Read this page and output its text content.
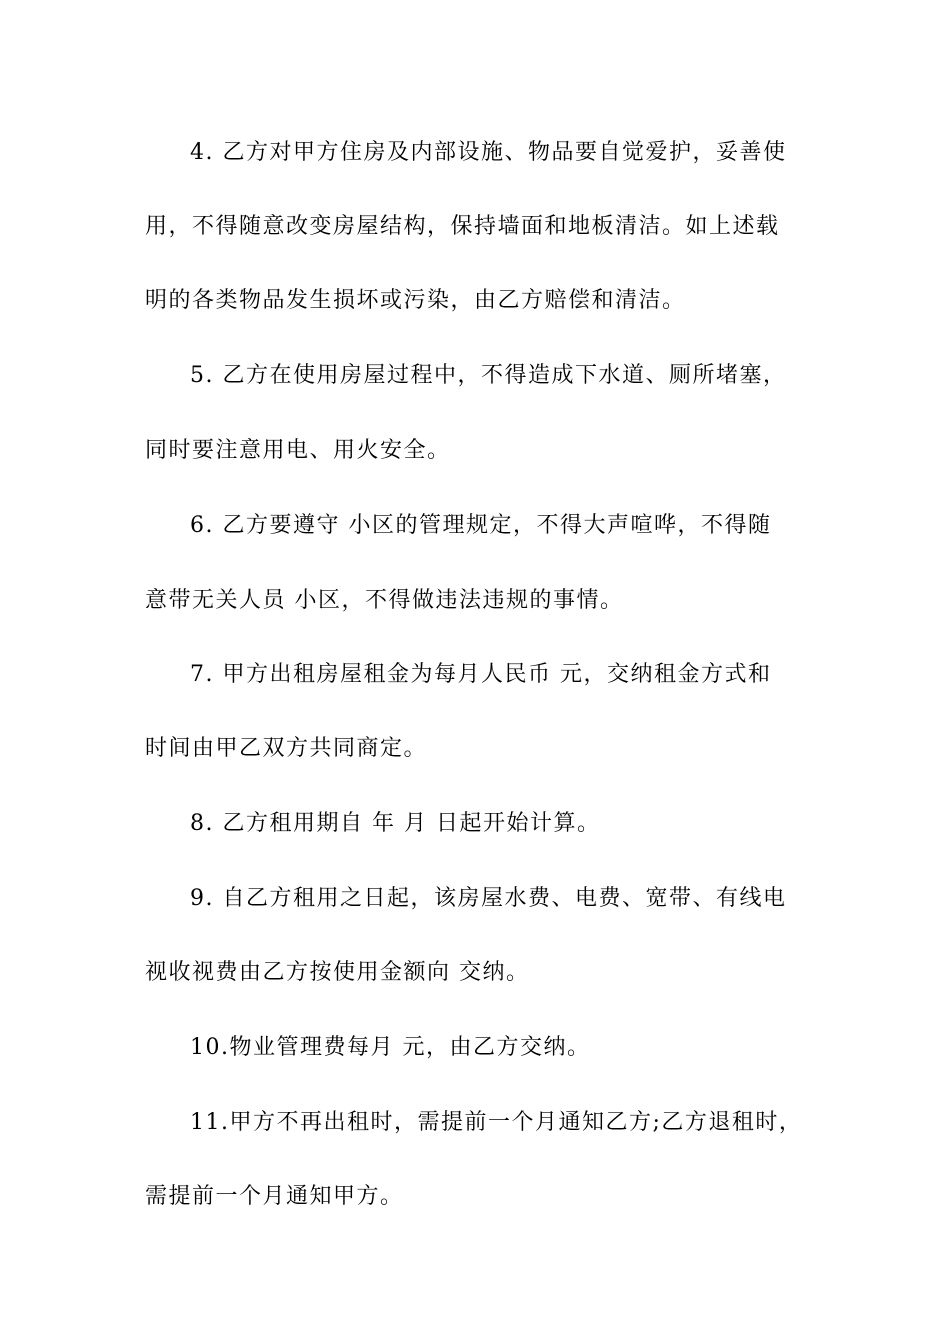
4. 乙方对甲方住房及内部设施、物品要自觉爱护，妥善使
用，不得随意改变房屋结构，保持墙面和地板清洁。如上述载
明的各类物品发生损坏或污染，由乙方赔偿和清洁。
5. 乙方在使用房屋过程中，不得造成下水道、厕所堵塞，
同时要注意用电、用火安全。
6. 乙方要遵守 小区的管理规定，不得大声喧哗，不得随
意带无关人员 小区，不得做违法违规的事情。
7. 甲方出租房屋租金为每月人民币 元，交纳租金方式和
时间由甲乙双方共同商定。
8. 乙方租用期自 年 月 日起开始计算。
9. 自乙方租用之日起，该房屋水费、电费、宽带、有线电
视收视费由乙方按使用金额向 交纳。
10.物业管理费每月 元，由乙方交纳。
11.甲方不再出租时，需提前一个月通知乙方;乙方退租时，
需提前一个月通知甲方。
